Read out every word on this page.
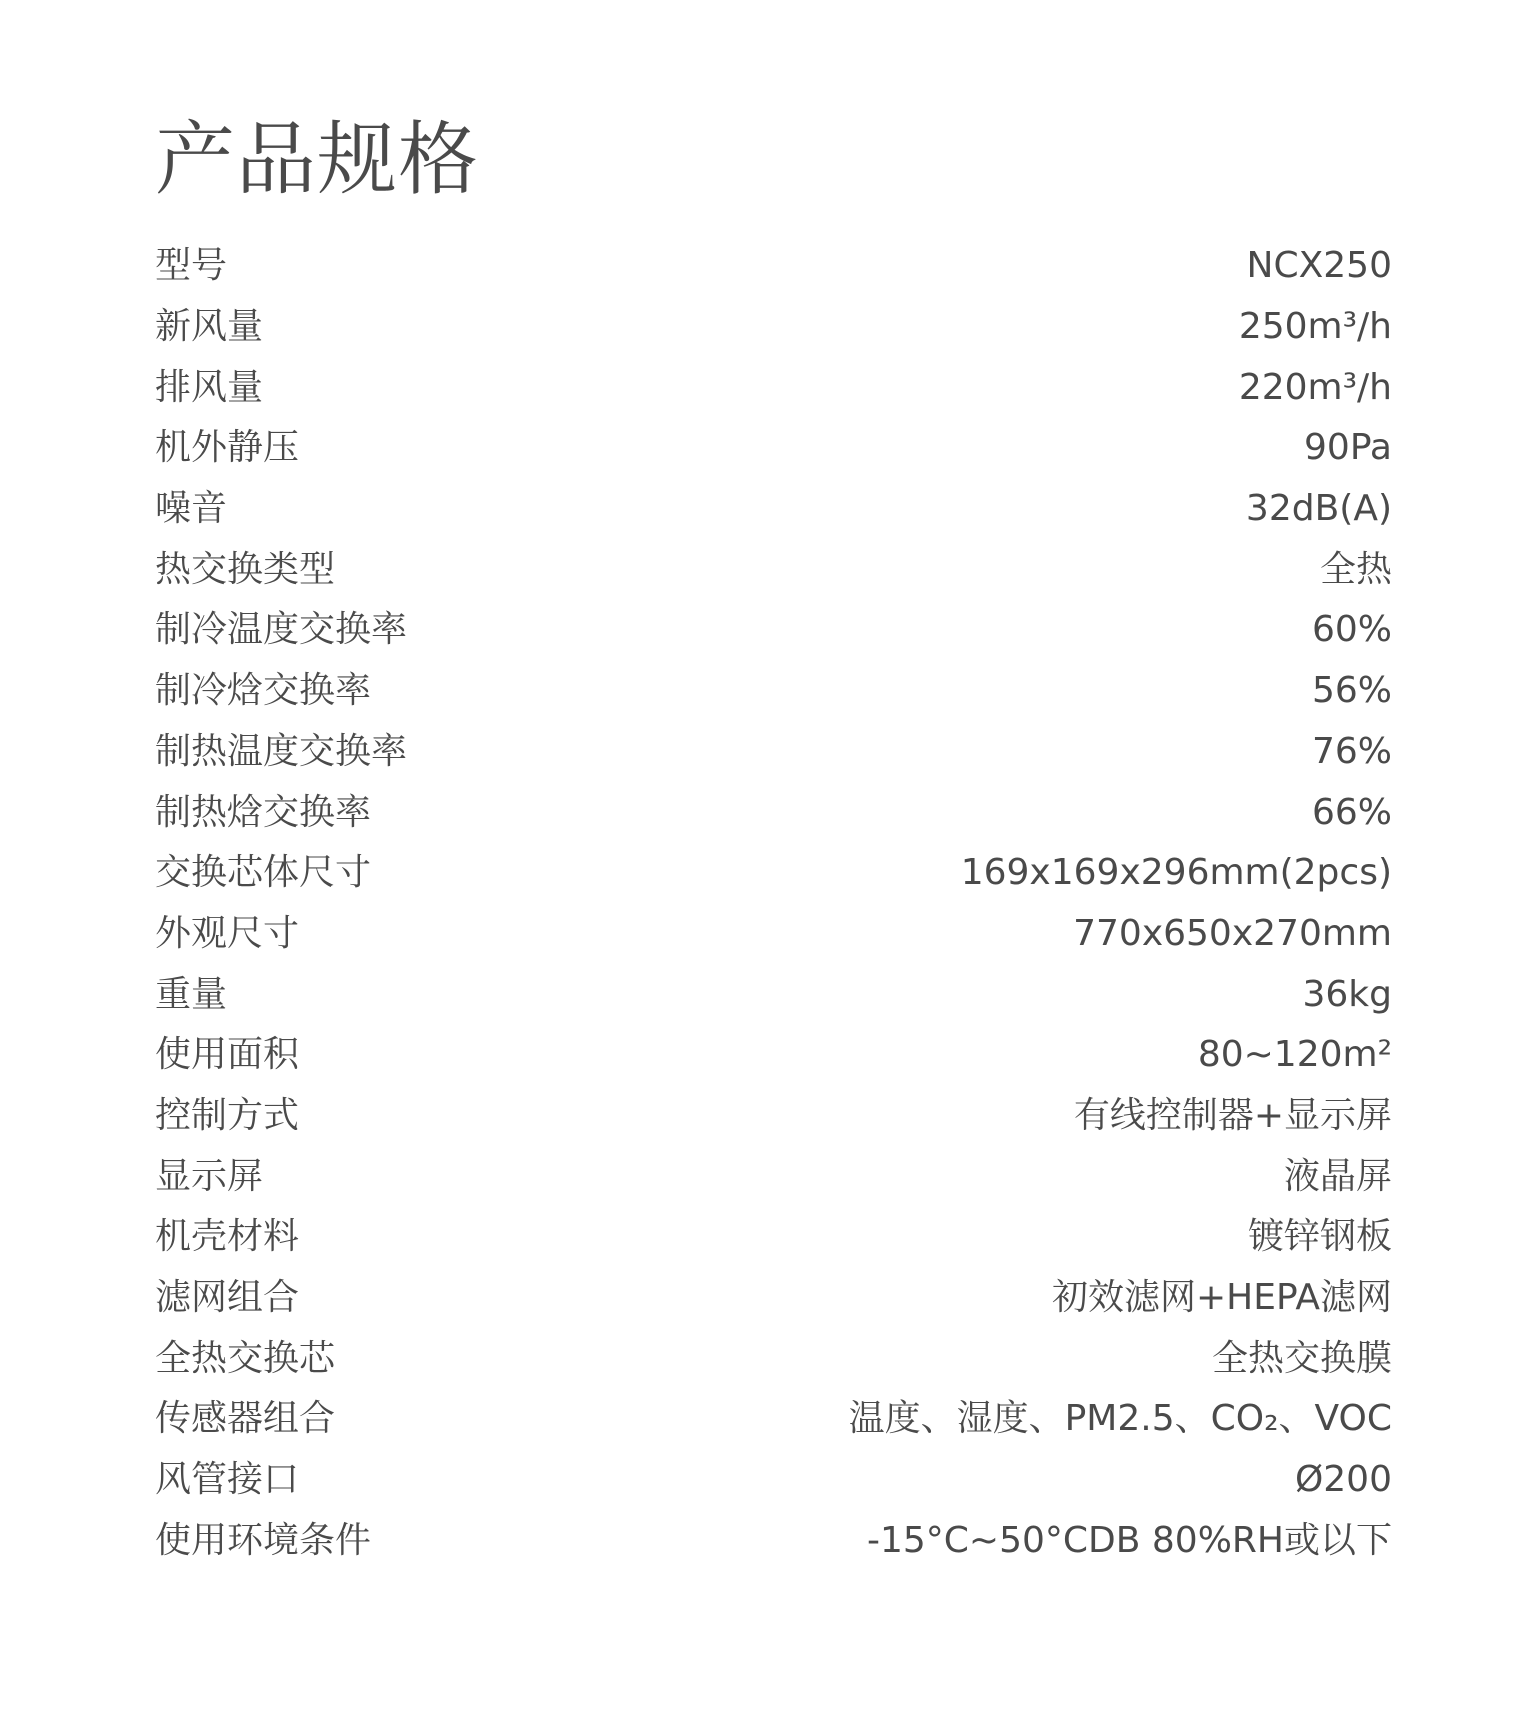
产品规格
型号	NCX250
新风量	250m³/h
排风量	220m³/h
机外静压	90Pa
噪音	32dB(A)
热交换类型	全热
制冷温度交换率	60%
制冷焓交换率	56%
制热温度交换率	76%
制热焓交换率	66%
交换芯体尺寸	169x169x296mm(2pcs)
外观尺寸	770x650x270mm
重量	36kg
使用面积	80~120m²
控制方式	有线控制器+显示屏
显示屏	液晶屏
机壳材料	镀锌钢板
滤网组合	初效滤网+HEPA滤网
全热交换芯	全热交换膜
传感器组合	温度、湿度、PM2.5、CO₂、VOC
风管接口	Ø200
使用环境条件	-15°C~50°CDB 80%RH或以下
